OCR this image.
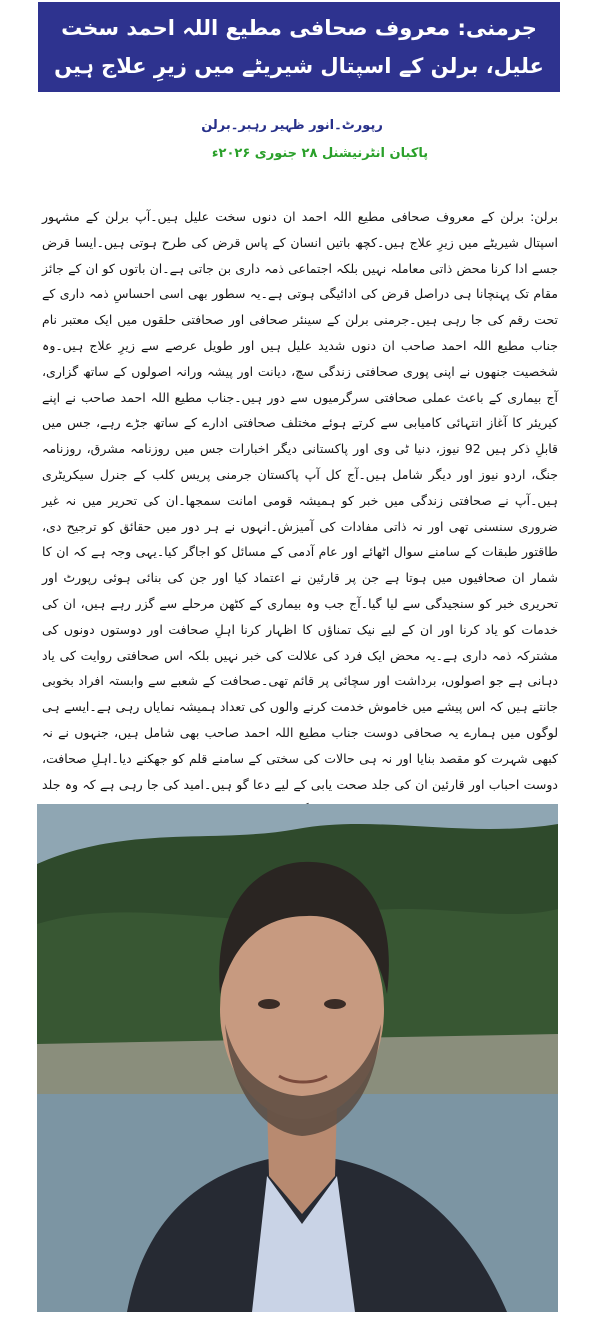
جرمنی: معروف صحافی مطیع اللہ احمد سخت علیل، برلن کے اسپتال شیریٹے میں زیرِ علاج ہیں
رپورٹ۔انور ظہیر رہبر۔برلن
پاکبان انٹرنیشنل ۲۸ جنوری ۲۰۲۶ء

برلن: برلن کے معروف صحافی مطیع اللہ احمد ان دنوں سخت علیل ہیں۔آپ برلن کے مشہور اسپتال شیریٹے میں زیرِ علاج ہیں۔کچھ باتیں انسان کے پاس قرض کی طرح ہوتی ہیں۔ایسا قرض جسے ادا کرنا محض ذاتی معاملہ نہیں بلکہ اجتماعی ذمہ داری بن جاتی ہے۔ان باتوں کو ان کے جائز مقام تک پہنچانا ہی دراصل قرض کی ادائیگی ہوتی ہے۔یہ سطور بھی اسی احساسِ ذمہ داری کے تحت رقم کی جا رہی ہیں۔جرمنی برلن کے سینئر صحافی اور صحافتی حلقوں میں ایک معتبر نام جناب مطیع اللہ احمد صاحب ان دنوں شدید علیل ہیں اور طویل عرصے سے زیرِ علاج ہیں۔وہ شخصیت جنھوں نے اپنی پوری صحافتی زندگی سچ، دیانت اور پیشہ ورانہ اصولوں کے ساتھ گزاری، آج بیماری کے باعث عملی صحافتی سرگرمیوں سے دور ہیں۔جناب مطیع اللہ احمد صاحب نے اپنے کیریئر کا آغاز انتہائی کامیابی سے کرتے ہوئے مختلف صحافتی ادارے کے ساتھ جڑے رہے، جس میں قابلِ ذکر ہیں 92 نیوز، دنیا ٹی وی اور پاکستانی دیگر اخبارات جس میں روزنامہ مشرق، روزنامہ جنگ، اردو نیوز اور دیگر شامل ہیں۔آج کل آپ پاکستان جرمنی پریس کلب کے جنرل سیکریٹری ہیں۔آپ نے صحافتی زندگی میں خبر کو ہمیشہ قومی امانت سمجھا۔ان کی تحریر میں نہ غیر ضروری سنسنی تھی اور نہ ذاتی مفادات کی آمیزش۔انہوں نے ہر دور میں حقائق کو ترجیح دی، طاقتور طبقات کے سامنے سوال اٹھائے اور عام آدمی کے مسائل کو اجاگر کیا۔یہی وجہ ہے کہ ان کا شمار ان صحافیوں میں ہوتا ہے جن پر قارئین نے اعتماد کیا اور جن کی بنائی ہوئی رپورٹ اور تحریری خبر کو سنجیدگی سے لیا گیا۔آج جب وہ بیماری کے کٹھن مرحلے سے گزر رہے ہیں، ان کی خدمات کو یاد کرنا اور ان کے لیے نیک تمناؤں کا اظہار کرنا اہلِ صحافت اور دوستوں دونوں کی مشترکہ ذمہ داری ہے۔یہ محض ایک فرد کی علالت کی خبر نہیں بلکہ اس صحافتی روایت کی یاد دہانی ہے جو اصولوں، برداشت اور سچائی پر قائم تھی۔صحافت کے شعبے سے وابستہ افراد بخوبی جانتے ہیں کہ اس پیشے میں خاموش خدمت کرنے والوں کی تعداد ہمیشہ نمایاں رہی ہے۔ایسے ہی لوگوں میں ہمارے یہ صحافی دوست جناب مطیع اللہ احمد صاحب بھی شامل ہیں، جنہوں نے نہ کبھی شہرت کو مقصد بنایا اور نہ ہی حالات کی سختی کے سامنے قلم کو جھکنے دیا۔اہلِ صحافت، دوست احباب اور قارئین ان کی جلد صحت یابی کے لیے دعا گو ہیں۔امید کی جا رہی ہے کہ وہ جلد
